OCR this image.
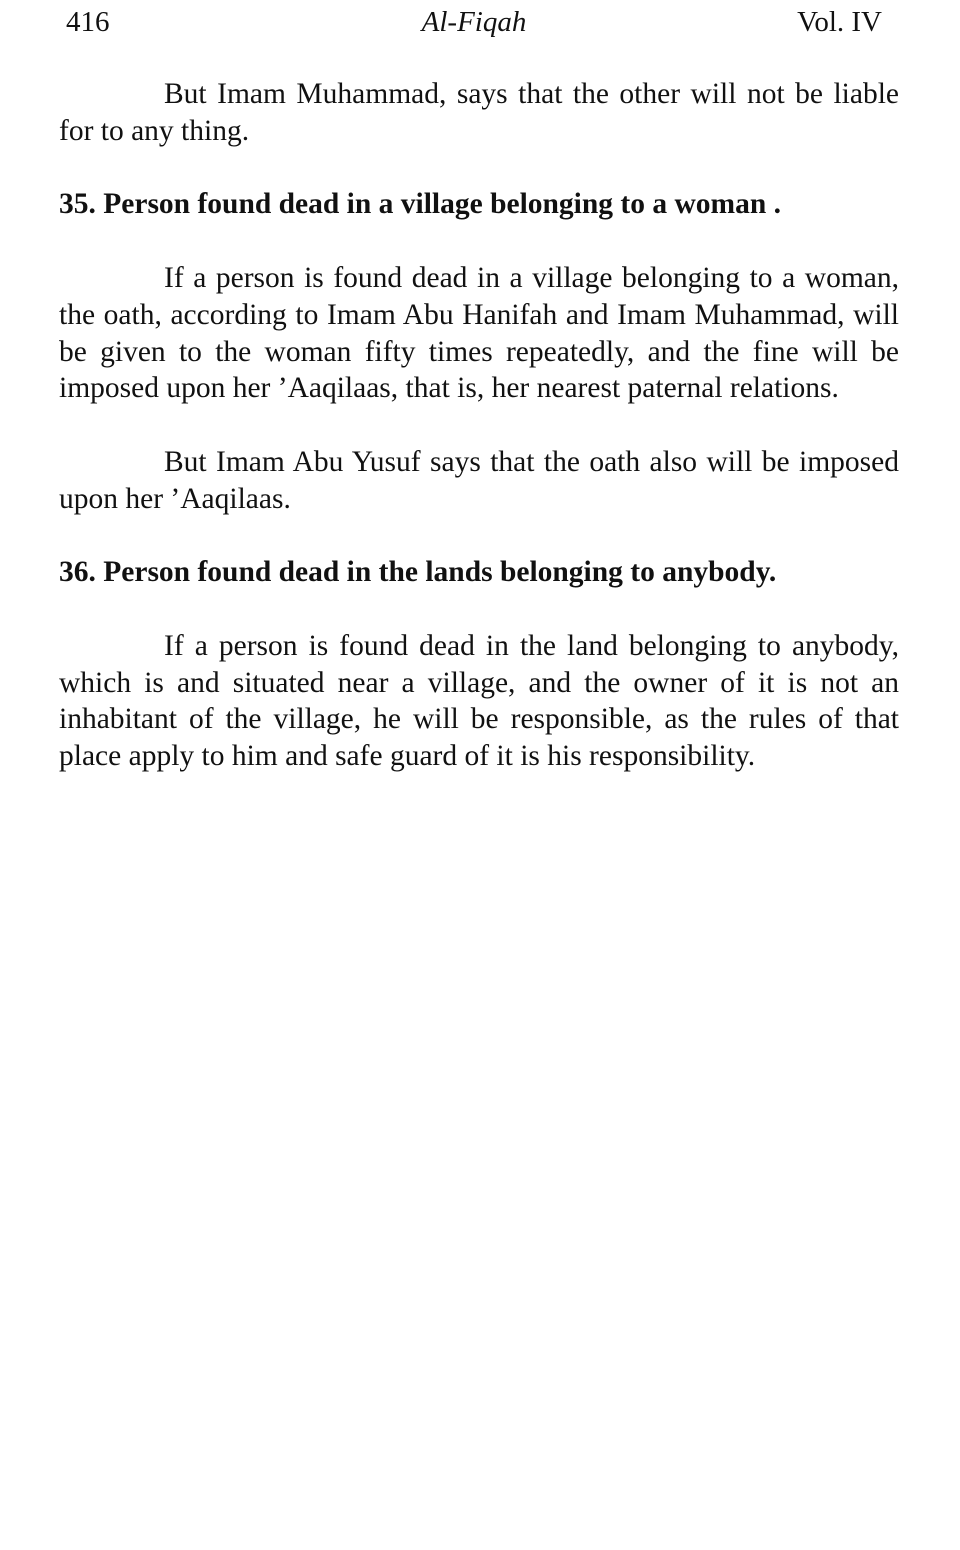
416	Al-Fiqah	Vol. IV

But Imam Muhammad, says that the other will not be liable for to any thing.

35. Person found dead in a village belonging to a woman .

If a person is found dead in a village belonging to a woman, the oath, according to Imam Abu Hanifah and Imam Muhammad, will be given to the woman fifty times repeatedly, and the fine will be imposed upon her ’Aaqilaas, that is, her nearest paternal relations.

But Imam Abu Yusuf says that the oath also will be imposed upon her ’Aaqilaas.

36. Person found dead in the lands belonging to anybody.

If a person is found dead in the land belonging to anybody, which is and situated near a village, and the owner of it is not an inhabitant of the village, he will be responsible, as the rules of that place apply to him and safe guard of it is his responsibility.
